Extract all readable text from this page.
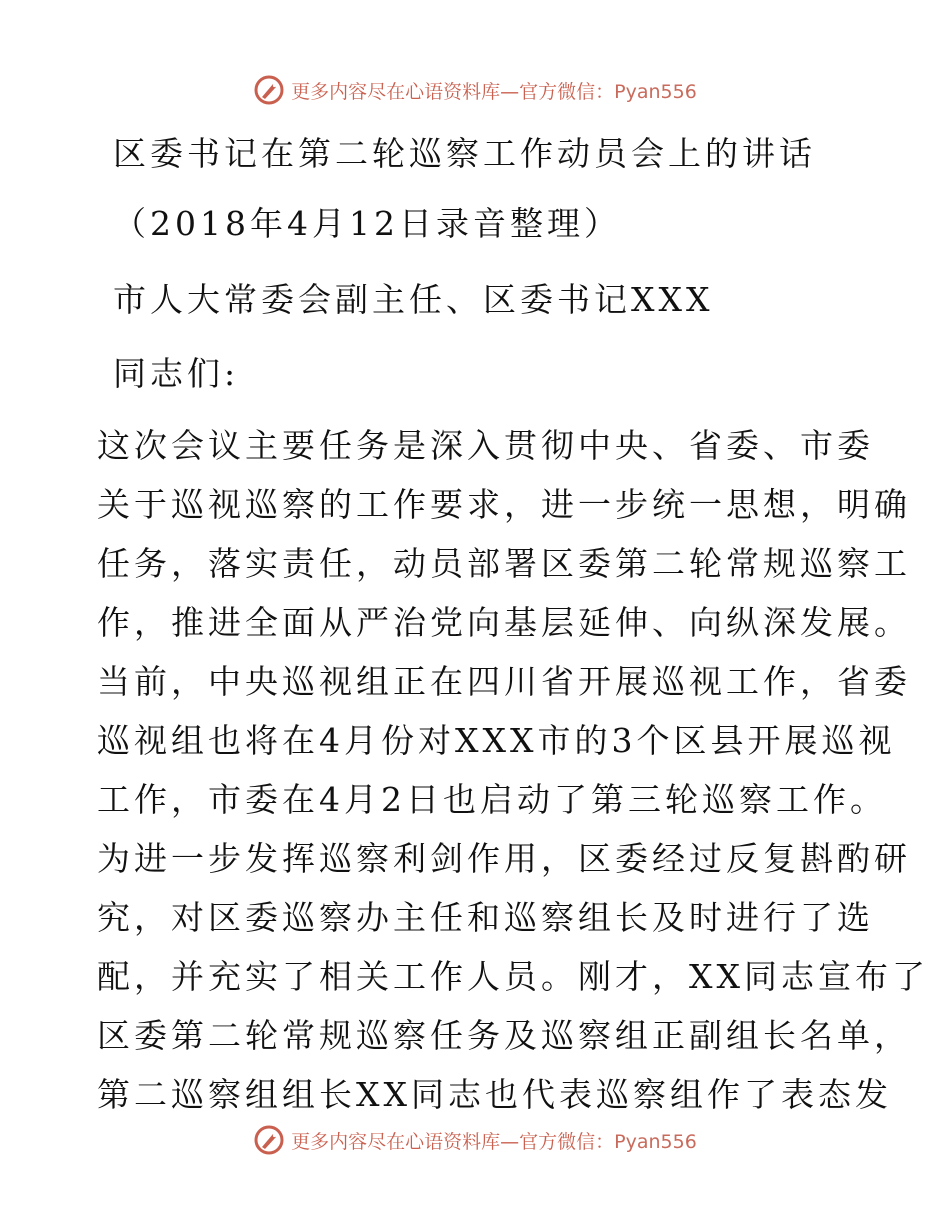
更多内容尽在心语资料库—官方微信：Pyan556
区委书记在第二轮巡察工作动员会上的讲话
（2018年4月12日录音整理）
市人大常委会副主任、区委书记XXX
同志们:
这次会议主要任务是深入贯彻中央、省委、市委
关于巡视巡察的工作要求，进一步统一思想，明确
任务，落实责任，动员部署区委第二轮常规巡察工
作，推进全面从严治党向基层延伸、向纵深发展。
当前，中央巡视组正在四川省开展巡视工作，省委
巡视组也将在4月份对XXX市的3个区县开展巡视
工作，市委在4月2日也启动了第三轮巡察工作。
为进一步发挥巡察利剑作用，区委经过反复斟酌研
究，对区委巡察办主任和巡察组长及时进行了选
配，并充实了相关工作人员。刚才，XX同志宣布了
区委第二轮常规巡察任务及巡察组正副组长名单，
第二巡察组组长XX同志也代表巡察组作了表态发
更多内容尽在心语资料库—官方微信：Pyan556
